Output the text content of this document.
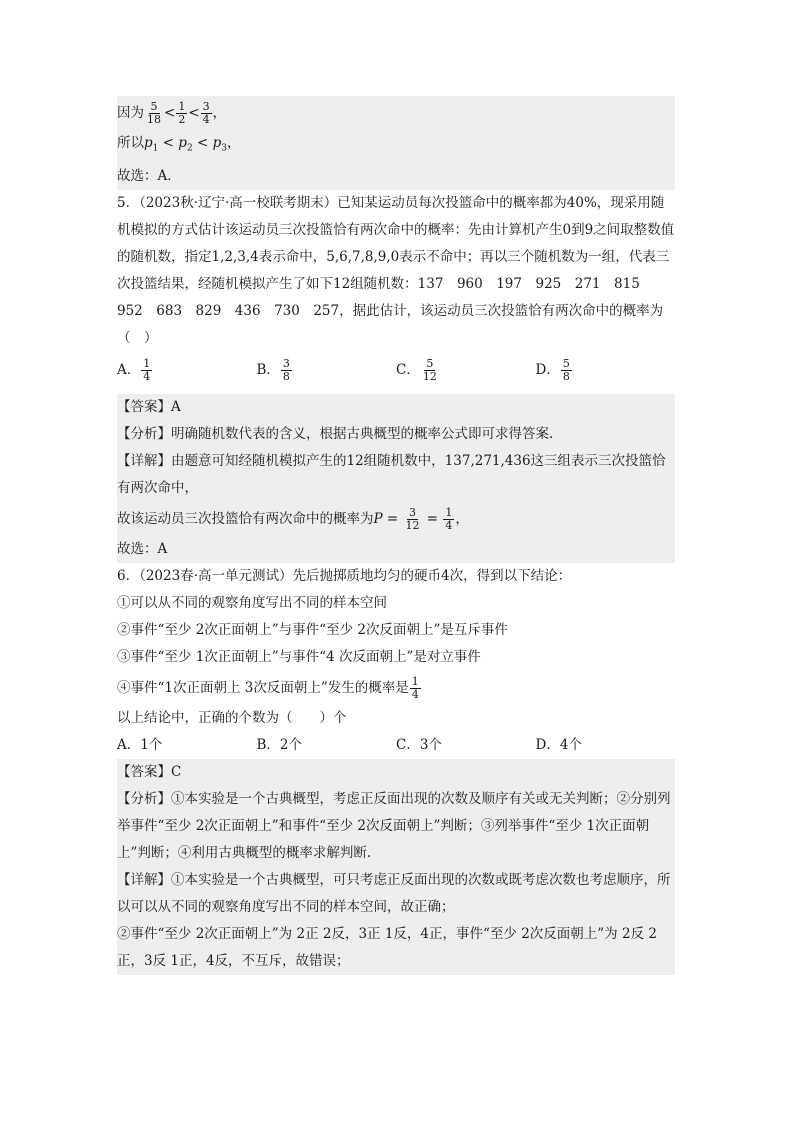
因为 $\frac{5}{18} < \frac{1}{2} < \frac{3}{4}$ ，
所以$p_1 < p_2 < p_3$，
故选：A．
5．（2023秋·辽宁·高一校联考期末）已知某运动员每次投篮命中的概率都为40%，现采用随机模拟的方式估计该运动员三次投篮恰有两次命中的概率：先由计算机产生0到9之间取整数值的随机数，指定1,2,3,4表示命中，5,6,7,8,9,0表示不命中；再以三个随机数为一组，代表三次投篮结果，经随机模拟产生了如下12组随机数：137　960　197　925　271　815
952　683　829　436　730　257，据此估计，该运动员三次投篮恰有两次命中的概率为
（　）
A． $\frac{1}{4}$	B． $\frac{3}{8}$	C． $\frac{5}{12}$	D． $\frac{5}{8}$
【答案】A
【分析】明确随机数代表的含义，根据古典概型的概率公式即可求得答案.
【详解】由题意可知经随机模拟产生的12组随机数中，137,271,436这三组表示三次投篮恰有两次命中，
故该运动员三次投篮恰有两次命中的概率为$P = \frac{3}{12} = \frac{1}{4}$ ，
故选：A
6．（2023春·高一单元测试）先后抛掷质地均匀的硬币4次，得到以下结论：
①可以从不同的观察角度写出不同的样本空间
②事件“至少 2次正面朝上”与事件“至少 2次反面朝上”是互斥事件
③事件“至少 1次正面朝上”与事件“4 次反面朝上”是对立事件
④事件“1次正面朝上 3次反面朝上”发生的概率是 $\frac{1}{4}$
以上结论中，正确的个数为（　　）个
A．1个	B．2个	C．3个	D．4个
【答案】C
【分析】①本实验是一个古典概型，考虑正反面出现的次数及顺序有关或无关判断；②分别列举事件“至少 2次正面朝上”和事件“至少 2次反面朝上”判断；③列举事件“至少 1次正面朝上”判断；④利用古典概型的概率求解判断.
【详解】①本实验是一个古典概型，可只考虑正反面出现的次数或既考虑次数也考虑顺序，所以可以从不同的观察角度写出不同的样本空间，故正确；
②事件“至少 2次正面朝上”为 2正 2反，3正 1反，4正，事件“至少 2次反面朝上”为 2反 2正，3反 1正，4反，不互斥，故错误；
